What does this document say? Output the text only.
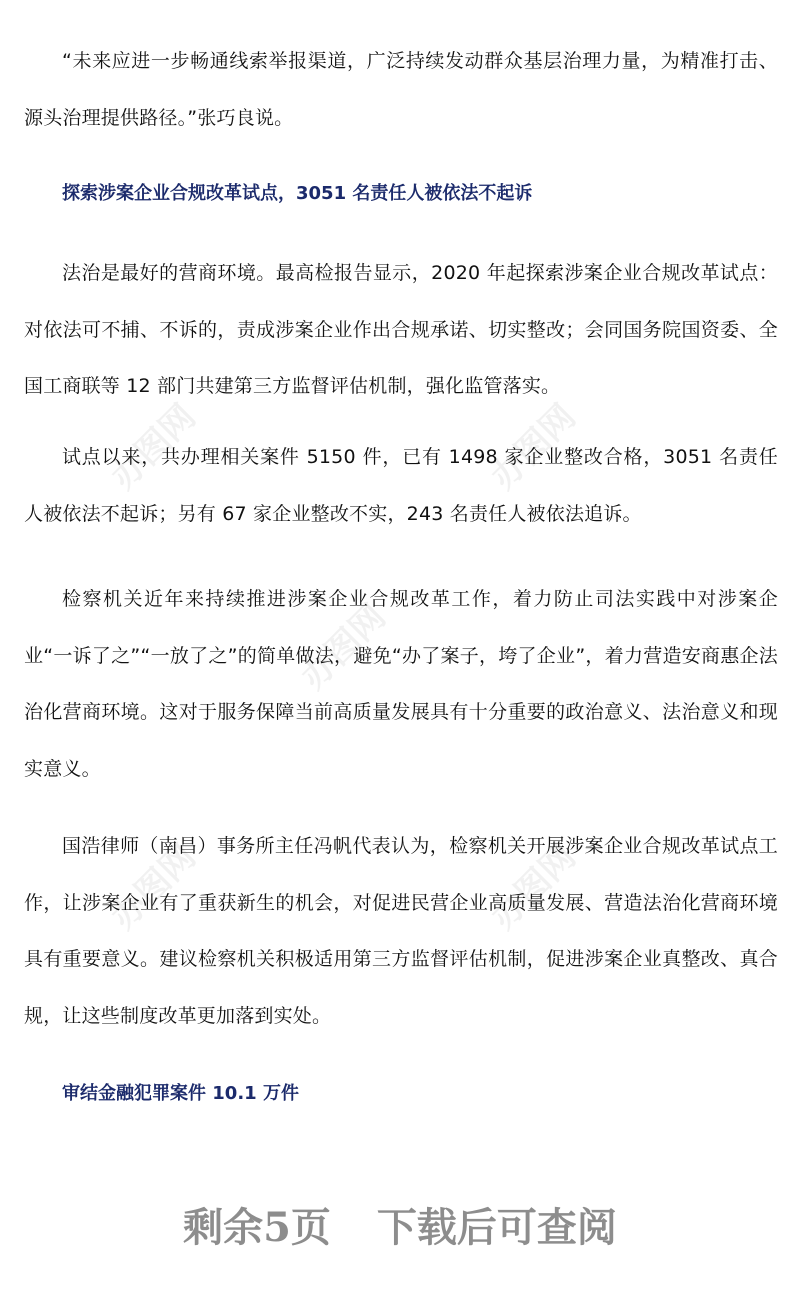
办图网	办图网
办图网
办图网	办图网

“未来应进一步畅通线索举报渠道，广泛持续发动群众基层治理力量，为精准打击、源头治理提供路径。”张巧良说。

探索涉案企业合规改革试点，3051 名责任人被依法不起诉

法治是最好的营商环境。最高检报告显示，2020 年起探索涉案企业合规改革试点：对依法可不捕、不诉的，责成涉案企业作出合规承诺、切实整改；会同国务院国资委、全国工商联等 12 部门共建第三方监督评估机制，强化监管落实。

试点以来，共办理相关案件 5150 件，已有 1498 家企业整改合格，3051 名责任人被依法不起诉；另有 67 家企业整改不实，243 名责任人被依法追诉。

检察机关近年来持续推进涉案企业合规改革工作，着力防止司法实践中对涉案企业“一诉了之”“一放了之”的简单做法，避免“办了案子，垮了企业”，着力营造安商惠企法治化营商环境。这对于服务保障当前高质量发展具有十分重要的政治意义、法治意义和现实意义。

国浩律师（南昌）事务所主任冯帆代表认为，检察机关开展涉案企业合规改革试点工作，让涉案企业有了重获新生的机会，对促进民营企业高质量发展、营造法治化营商环境具有重要意义。建议检察机关积极适用第三方监督评估机制，促进涉案企业真整改、真合规，让这些制度改革更加落到实处。

审结金融犯罪案件 10.1 万件
剩余5页 下载后可查阅
